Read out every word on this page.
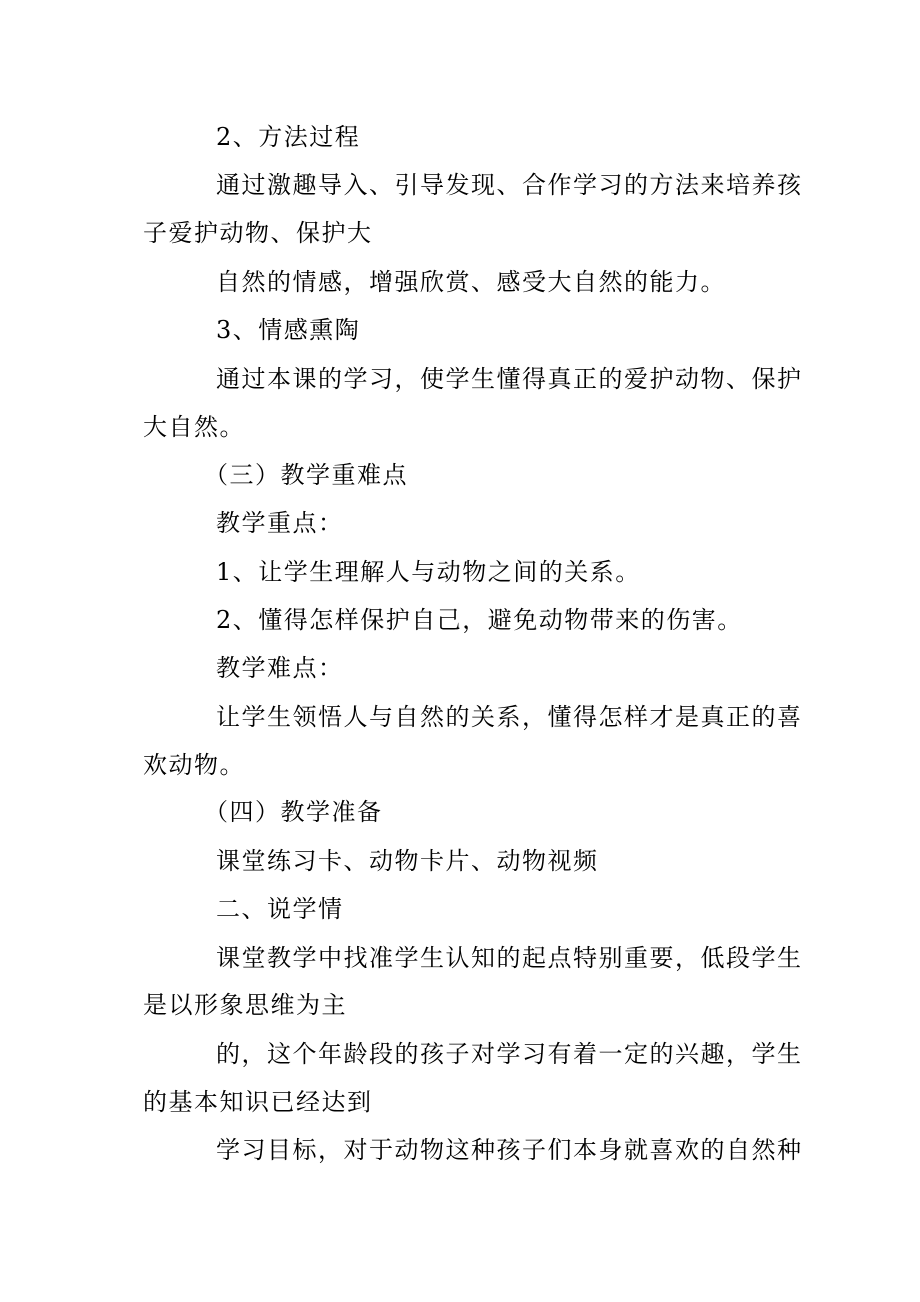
2、方法过程

通过激趣导入、引导发现、合作学习的方法来培养孩

子爱护动物、保护大

自然的情感，增强欣赏、感受大自然的能力。

3、情感熏陶

通过本课的学习，使学生懂得真正的爱护动物、保护

大自然。

（三）教学重难点

教学重点：

1、让学生理解人与动物之间的关系。

2、懂得怎样保护自己，避免动物带来的伤害。

教学难点：

让学生领悟人与自然的关系，懂得怎样才是真正的喜

欢动物。

（四）教学准备

课堂练习卡、动物卡片、动物视频

二、说学情

课堂教学中找准学生认知的起点特别重要，低段学生

是以形象思维为主

的，这个年龄段的孩子对学习有着一定的兴趣，学生

的基本知识已经达到

学习目标，对于动物这种孩子们本身就喜欢的自然种
